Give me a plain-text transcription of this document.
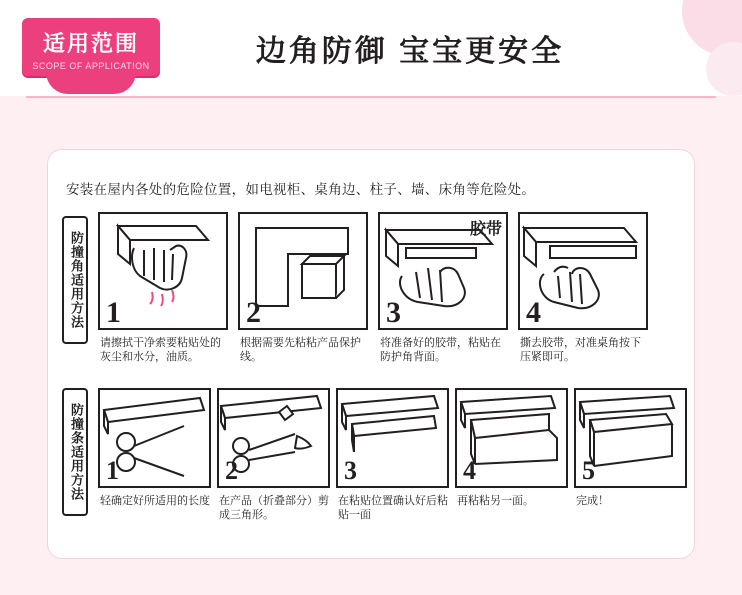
适用范围
SCOPE OF APPLICATION	边角防御 宝宝更安全
安装在屋内各处的危险位置，如电视柜、桌角边、柱子、墙、床角等危险处。
防撞角适用方法
防撞条适用方法
1	2
胶带
3	4
请擦拭干净索要粘贴处的灰尘和水分，油质。
根据需要先粘粘产品保护线。
将准备好的胶带，粘贴在防护角背面。
撕去胶带，对准桌角按下压紧即可。
1	2	3	4	5
轻确定好所适用的长度 在产品（折叠部分）剪成三角形。
在粘贴位置确认好后粘贴一面
再粘粘另一面。	完成！
